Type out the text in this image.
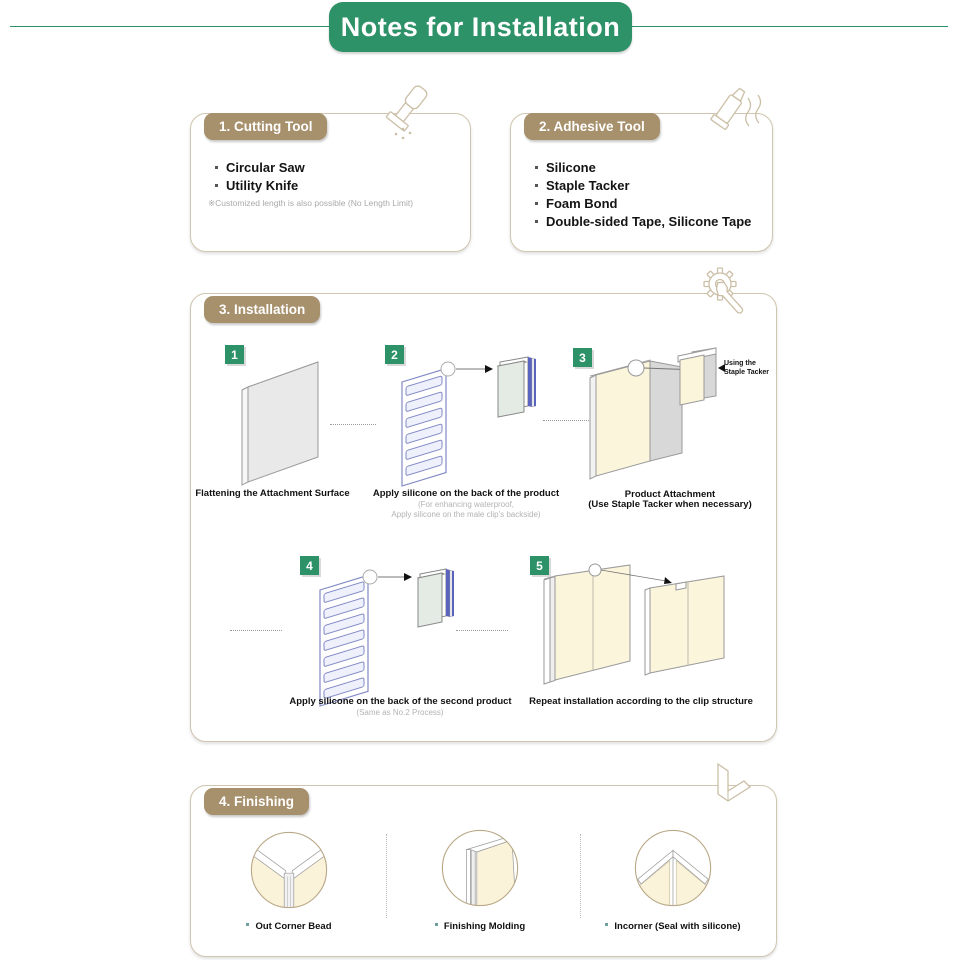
Notes for Installation
1. Cutting Tool
Circular Saw
Utility Knife
※Customized length is also possible (No Length Limit)
2. Adhesive Tool
Silicone
Staple Tacker
Foam Bond
Double-sided Tape, Silicone Tape
3. Installation
1
Flattening the Attachment Surface
2
Apply silicone on the back of the product
(For enhancing waterproof,
Apply silicone on the male clip's backside)
3	Using the
Staple Tacker
Product Attachment
(Use Staple Tacker when necessary)
4
Apply silicone on the back of the second product
(Same as No.2 Process)
5
Repeat installation according to the clip structure
4. Finishing
Out Corner Bead	Finishing Molding	Incorner (Seal with silicone)
